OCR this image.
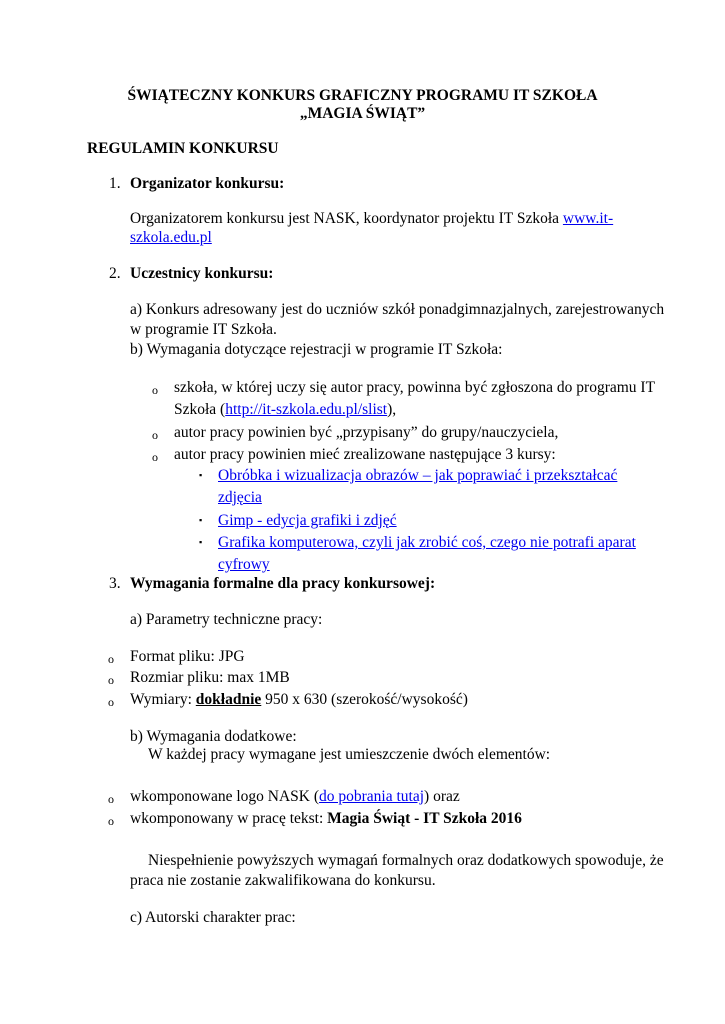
ŚWIĄTECZNY KONKURS GRAFICZNY PROGRAMU IT SZKOŁA
„MAGIA ŚWIĄT”
REGULAMIN KONKURSU
1. Organizator konkursu:
Organizatorem konkursu jest NASK, koordynator projektu IT Szkoła www.it-
szkola.edu.pl
2. Uczestnicy konkursu:
a) Konkurs adresowany jest do uczniów szkół ponadgimnazjalnych, zarejestrowanych
w programie IT Szkoła.
b) Wymagania dotyczące rejestracji w programie IT Szkoła:
o szkoła, w której uczy się autor pracy, powinna być zgłoszona do programu IT
Szkoła (http://it-szkola.edu.pl/slist),
o autor pracy powinien być „przypisany” do grupy/nauczyciela,
o autor pracy powinien mieć zrealizowane następujące 3 kursy:
▪ Obróbka i wizualizacja obrazów – jak poprawiać i przekształcać
zdjęcia
▪ Gimp - edycja grafiki i zdjęć
▪ Grafika komputerowa, czyli jak zrobić coś, czego nie potrafi aparat
cyfrowy
3. Wymagania formalne dla pracy konkursowej:
a) Parametry techniczne pracy:
o Format pliku: JPG
o Rozmiar pliku: max 1MB
o Wymiary: dokładnie 950 x 630 (szerokość/wysokość)
b) Wymagania dodatkowe:
W każdej pracy wymagane jest umieszczenie dwóch elementów:
o wkomponowane logo NASK (do pobrania tutaj) oraz
o wkomponowany w pracę tekst: Magia Świąt - IT Szkoła 2016
Niespełnienie powyższych wymagań formalnych oraz dodatkowych spowoduje, że
praca nie zostanie zakwalifikowana do konkursu.
c) Autorski charakter prac:
